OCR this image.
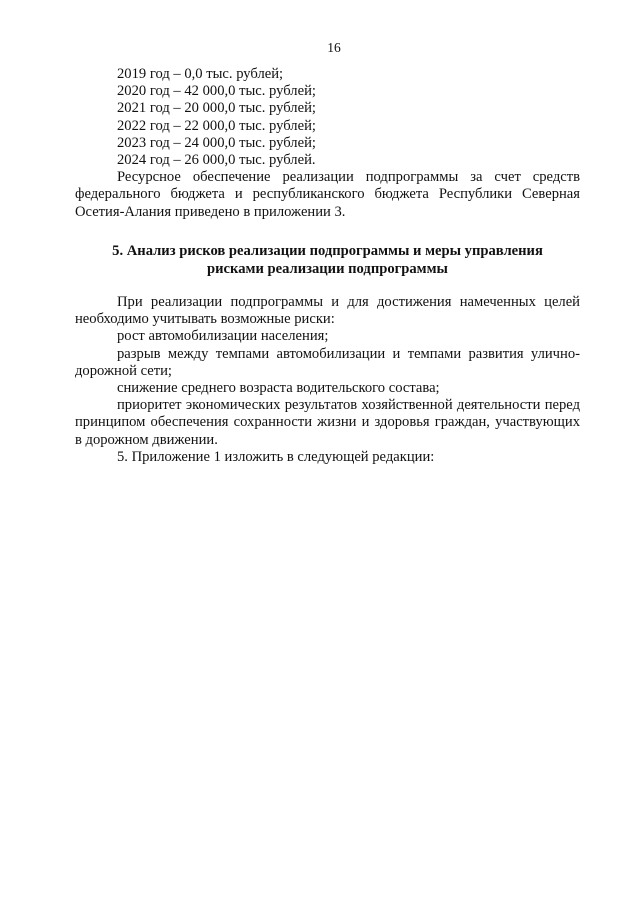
16
2019 год – 0,0 тыс. рублей;
2020 год – 42 000,0 тыс. рублей;
2021 год – 20 000,0 тыс. рублей;
2022 год – 22 000,0 тыс. рублей;
2023 год – 24 000,0 тыс. рублей;
2024 год – 26 000,0 тыс. рублей.

Ресурсное обеспечение реализации подпрограммы за счет средств федерального бюджета и республиканского бюджета Республики Северная Осетия-Алания приведено в приложении 3.

5. Анализ рисков реализации подпрограммы и меры управления
рисками реализации подпрограммы

При реализации подпрограммы и для достижения намеченных целей необходимо учитывать возможные риски:

рост автомобилизации населения;

разрыв между темпами автомобилизации и темпами развития улично-дорожной сети;

снижение среднего возраста водительского состава;

приоритет экономических результатов хозяйственной деятельности перед принципом обеспечения сохранности жизни и здоровья граждан, участвующих в дорожном движении.

5. Приложение 1 изложить в следующей редакции:
